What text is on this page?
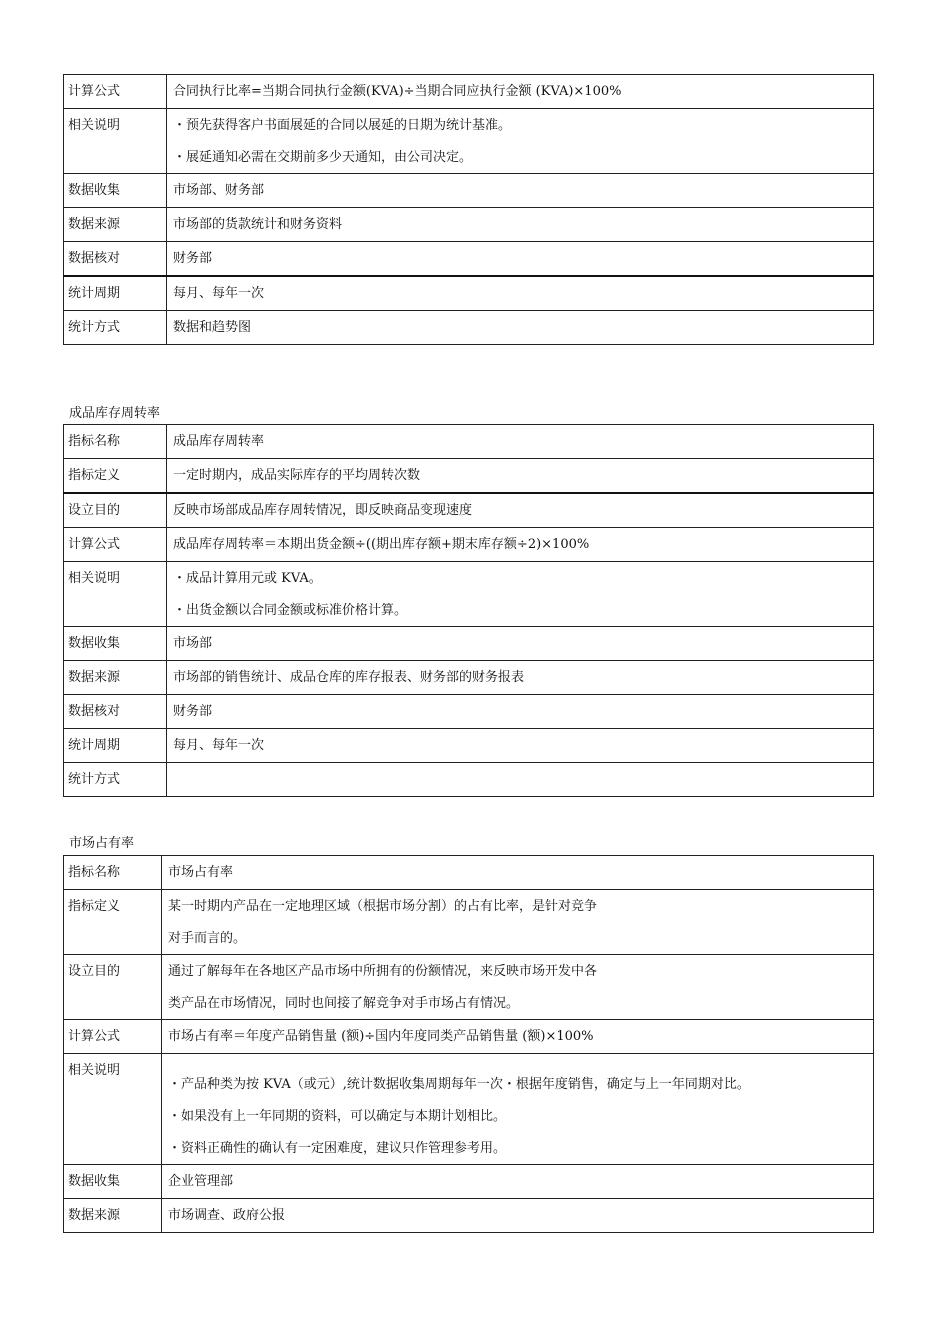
计算公式	合同执行比率=当期合同执行金额(KVA)÷当期合同应执行金额 (KVA)×100%
相关说明	・预先获得客户书面展延的合同以展延的日期为统计基准。
・展延通知必需在交期前多少天通知，由公司决定。

数据收集	市场部、财务部
数据来源	市场部的货款统计和财务资料
数据核对	财务部
统计周期	每月、每年一次
统计方式	数据和趋势图
成品库存周转率
指标名称	成品库存周转率
指标定义	一定时期内，成品实际库存的平均周转次数
设立目的	反映市场部成品库存周转情况，即反映商品变现速度
计算公式	成品库存周转率＝本期出货金额÷((期出库存额+期末库存额÷2)×100%
相关说明	・成品计算用元或 KVA。
・出货金额以合同金额或标准价格计算。

数据收集	市场部
数据来源	市场部的销售统计、成品仓库的库存报表、财务部的财务报表
数据核对	财务部
统计周期	每月、每年一次
统计方式	
市场占有率
指标名称	市场占有率
指标定义	某一时期内产品在一定地理区域（根据市场分割）的占有比率，是针对竞争
对手而言的。

设立目的	通过了解每年在各地区产品市场中所拥有的份额情况，来反映市场开发中各
类产品在市场情况，同时也间接了解竞争对手市场占有情况。

计算公式	市场占有率＝年度产品销售量 (额)÷国内年度同类产品销售量 (额)×100%
相关说明	・产品种类为按 KVA（或元）,统计数据收集周期每年一次・根据年度销售，确定与上一年同期对比。
・如果没有上一年同期的资料，可以确定与本期计划相比。
・资料正确性的确认有一定困难度，建议只作管理参考用。

数据收集	企业管理部
数据来源	市场调查、政府公报
